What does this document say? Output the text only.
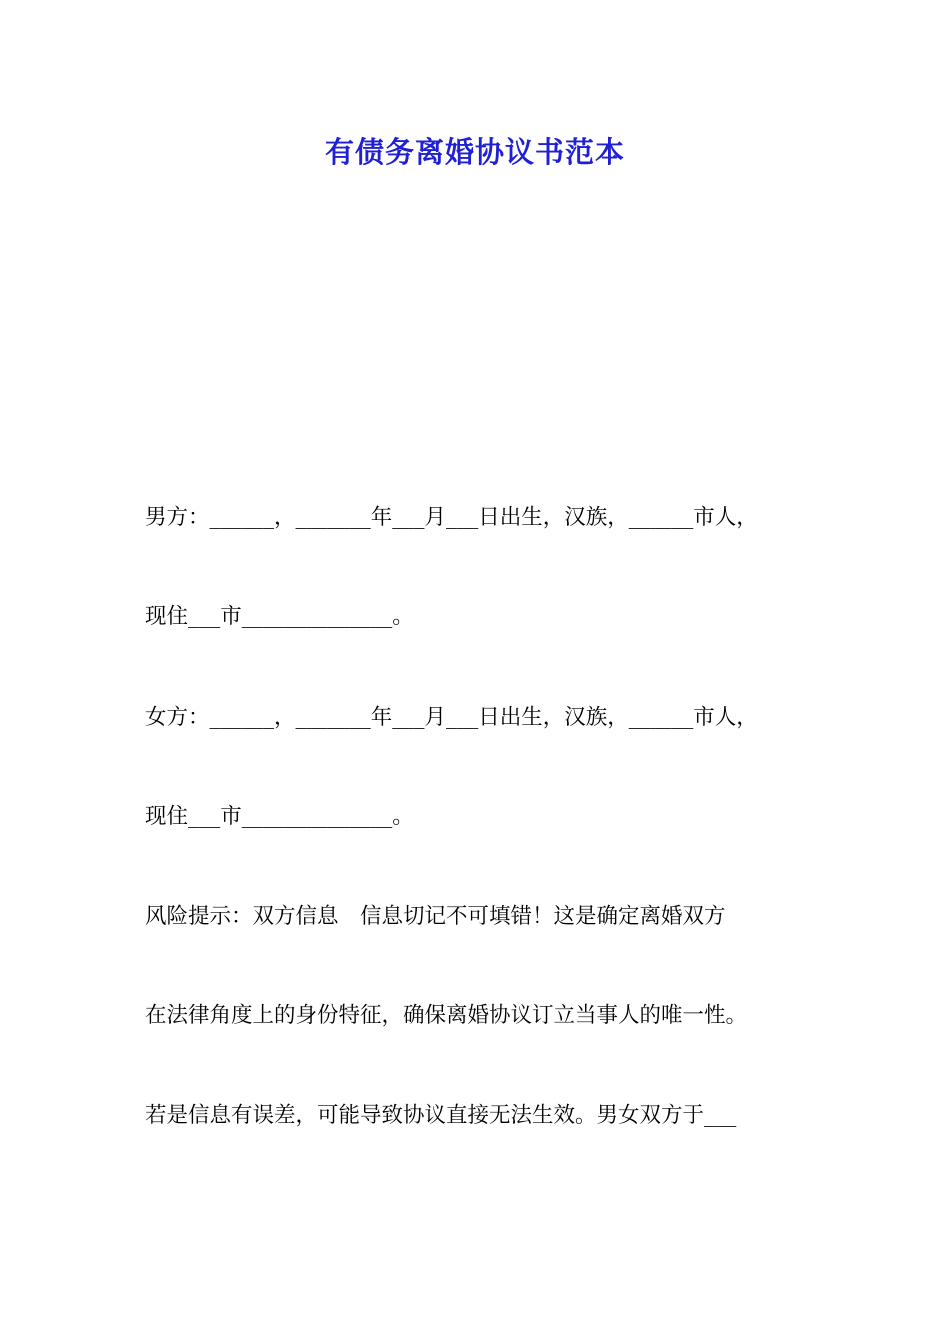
有债务离婚协议书范本
男方：______，_______年___月___日出生，汉族，______市人，
现住___市______________。
女方：______，_______年___月___日出生，汉族，______市人，
现住___市______________。
风险提示：双方信息　信息切记不可填错！这是确定离婚双方
在法律角度上的身份特征，确保离婚协议订立当事人的唯一性。
若是信息有误差，可能导致协议直接无法生效。男女双方于___
